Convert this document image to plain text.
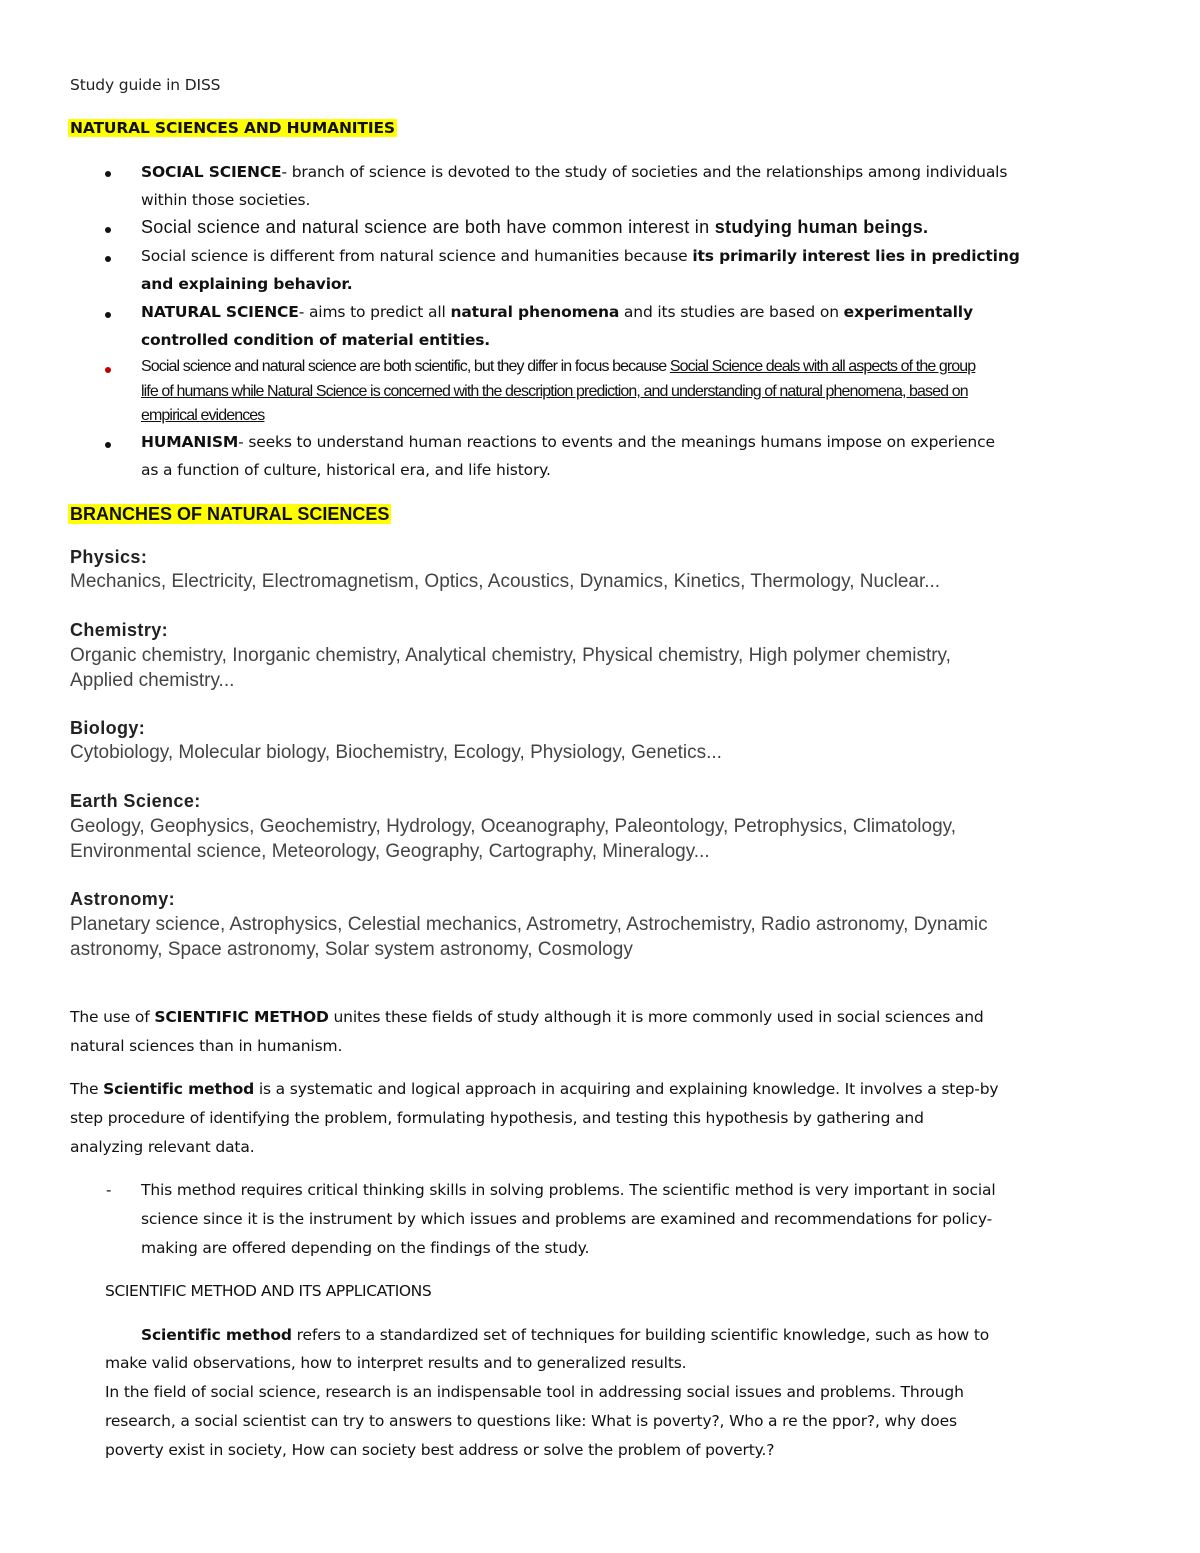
Study guide in DISS
NATURAL SCIENCES AND HUMANITIES
SOCIAL SCIENCE- branch of science is devoted to the study of societies and the relationships among individuals
within those societies.
Social science and natural science are both have common interest in studying human beings.
Social science is different from natural science and humanities because its primarily interest lies in predicting
and explaining behavior.
NATURAL SCIENCE- aims to predict all natural phenomena and its studies are based on experimentally
controlled condition of material entities.
Social science and natural science are both scientific, but they differ in focus because Social Science deals with all aspects of the group
life of humans while Natural Science is concerned with the description prediction, and understanding of natural phenomena, based on
empirical evidences
HUMANISM- seeks to understand human reactions to events and the meanings humans impose on experience
as a function of culture, historical era, and life history.
BRANCHES OF NATURAL SCIENCES
Physics:
Mechanics, Electricity, Electromagnetism, Optics, Acoustics, Dynamics, Kinetics, Thermology, Nuclear...
Chemistry:
Organic chemistry, Inorganic chemistry, Analytical chemistry, Physical chemistry, High polymer chemistry,
Applied chemistry...
Biology:
Cytobiology, Molecular biology, Biochemistry, Ecology, Physiology, Genetics...
Earth Science:
Geology, Geophysics, Geochemistry, Hydrology, Oceanography, Paleontology, Petrophysics, Climatology,
Environmental science, Meteorology, Geography, Cartography, Mineralogy...
Astronomy:
Planetary science, Astrophysics, Celestial mechanics, Astrometry, Astrochemistry, Radio astronomy, Dynamic
astronomy, Space astronomy, Solar system astronomy, Cosmology
The use of SCIENTIFIC METHOD unites these fields of study although it is more commonly used in social sciences and
natural sciences than in humanism.
The Scientific method is a systematic and logical approach in acquiring and explaining knowledge. It involves a step-by
step procedure of identifying the problem, formulating hypothesis, and testing this hypothesis by gathering and
analyzing relevant data.
- This method requires critical thinking skills in solving problems. The scientific method is very important in social
science since it is the instrument by which issues and problems are examined and recommendations for policy-
making are offered depending on the findings of the study.
SCIENTIFIC METHOD AND ITS APPLICATIONS
Scientific method refers to a standardized set of techniques for building scientific knowledge, such as how to
make valid observations, how to interpret results and to generalized results.
In the field of social science, research is an indispensable tool in addressing social issues and problems. Through
research, a social scientist can try to answers to questions like: What is poverty?, Who a re the ppor?, why does
poverty exist in society, How can society best address or solve the problem of poverty.?
